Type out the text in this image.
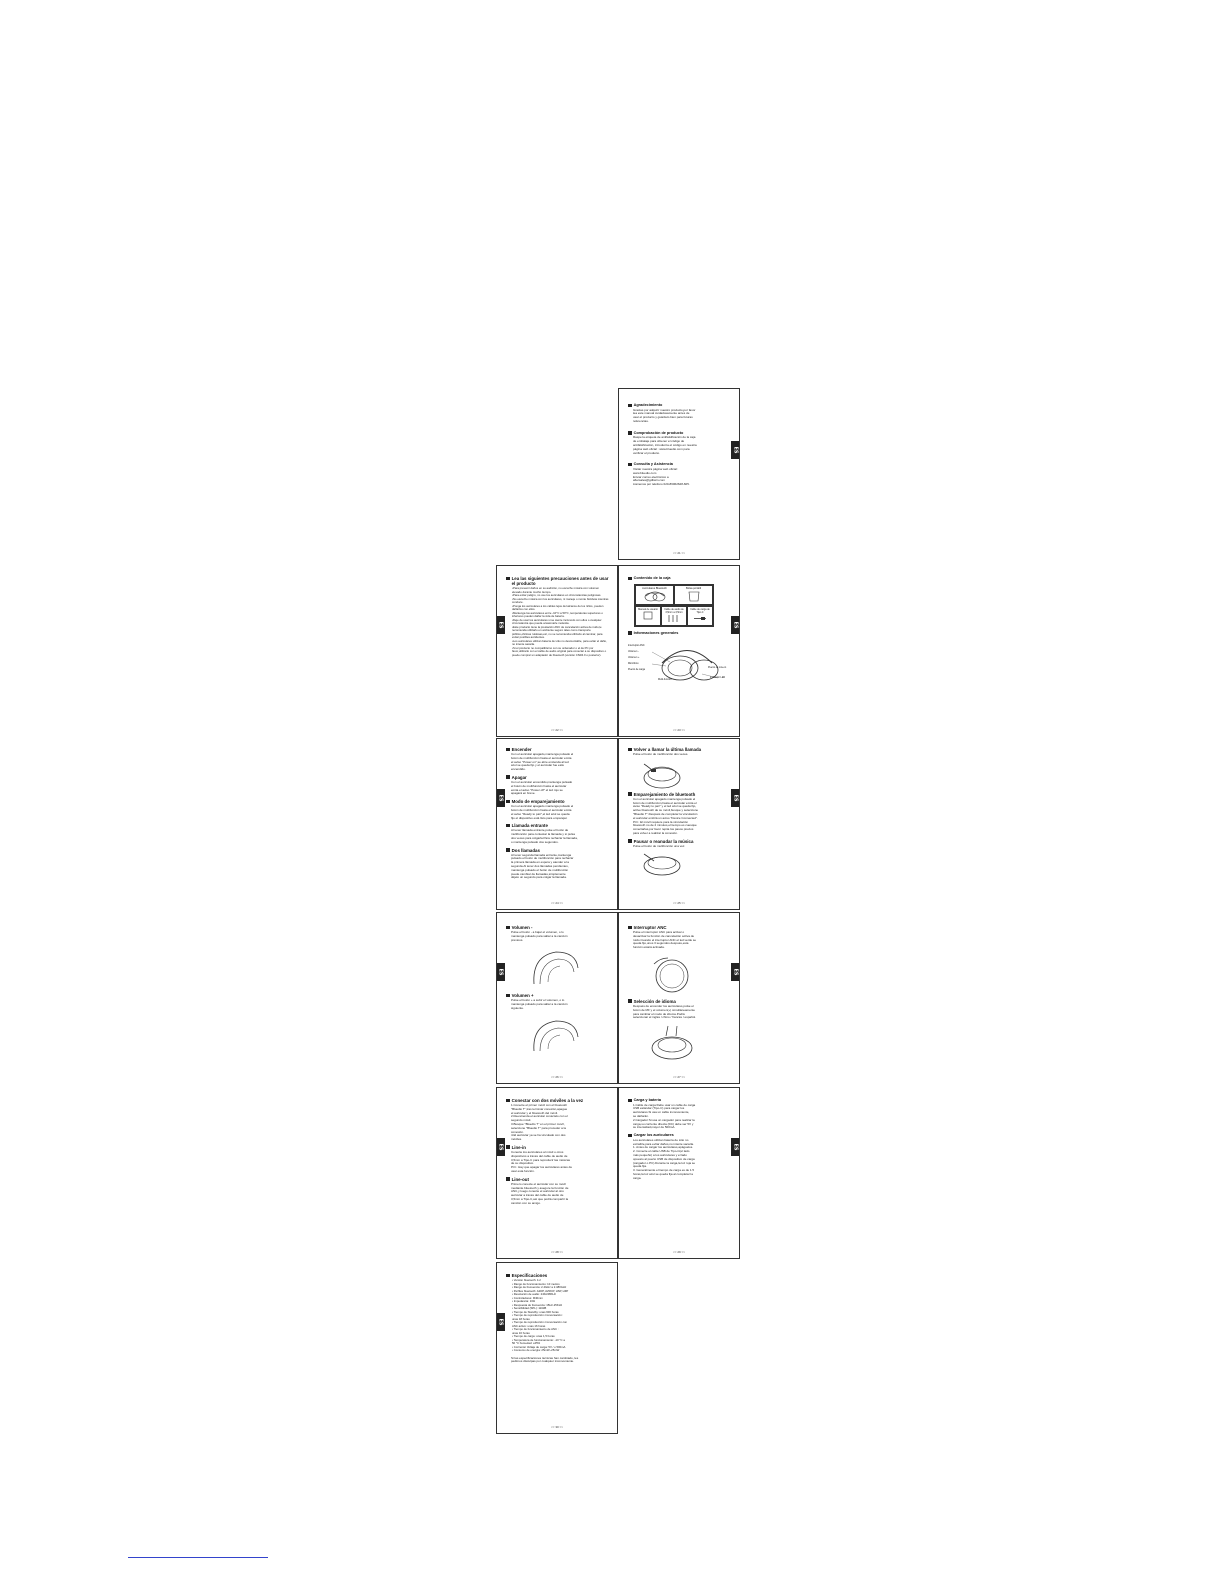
ES
Agradecimiento

Gracias por adquirir nuestro producto,por favor
lea este manual cuidadosamente antes de
usar el producto y guárdelo bien para futuras
referencias.

Comprobación de producto

Raspe la etiqueta de antifalsificación de la caja
de embalaje para obtener el código de
antifalsificación, introduzca el código en nuestra
página web oficial : www.bluedio.com para
verificar el producto.

Consulta y Asistencia

Visitar nuestra página web oficial:
www.bluedio.com
Enviar correo electrónico a
aftersales@gdbwin.com
Llamenos por teléfono 020-86062628-605.

<< 21 >>
ES
Lea las siguientes precauciones antes de usar el producto
•Para prevenir daños en su audición, no escuche música con volumen elevado durante mucho tiempo.
•Para evitar peligro, no use los auriculares en circunstancias peligrosas.
•No escuche música con los auriculares, ni maneje o monte bicicleta mientras conduce.
•Ponga los auriculares a los cables lejos del alcance de los niños, pueden dañarlos con ellos.
•Mantenga los auriculares entre -10°C a 50°C, temperaturas superiores o inferiores pueden dañar la vida de batería.
•Deje de usar los auriculares si se siente incómodo con ellos o cualquier circunstancia que pueda ocasionarle molestia.
•Este producto tiene la prestación ANC de cancelación activa de ruido,le recomienda utilizarlo en ambiente seguro tales como transporte público,oficinas ruidosas,etc, no se recomienda utilizarlo al caminar, para evitar posibles accidentes.
•Los auriculares utilizan batería de Litio no desmontable, para evitar el daño, no intente sacarla.
•Si el producto no compatible/no con su ordenador o el de PC por favor,utilizarlo con el cable de audio original para conectar a su dispositivo o puede comprar un adaptador de bluetooth (versión CSR4.0 o posterior).
<< 22 >>
ES
Contenido de la caja
Auriculares Bluetooth	Bolsa portátil
Manual de usuario	Cable de audio de 3,5mm a 3,5mm
Cable de carga de Tipo-C
Informaciones generales
Interruptor ANC
Volumen -
Volumen +
Micrófono
Puerto de carga
Multi-función
Puerto de Line-in
Indicador LED
<< 23 >>
ES
Encender

Con el auricular apagado,mantenga pulsado el
botón de multifunción hasta el auricular emita
el aviso "Power on",se abre encienda al led
azul se queda fijo y el auricular fue está
encendido.

Apagar

Con el auricular encendido,mantenga pulsado
el botón de multifunción hasta el auricular
emita el aviso "Power off" el led rojo se
apagará en breve.

Modo de emparejamiento

Con el auricular apagado mantenga pulsado el
botón de multifunción hasta el auricular emita
el aviso "Ready to pair",el led azul se queda
fijo el dispositivo está listo para emparejar.

Llamada entrante

Al tener llamada entrante,pulse el botón de
multifunción para contestar la llamada y si pulsa
dos veces para colgarla.Para rechazar la llamada,
o mantenga pulsado dos segundos.

Dos llamadas

Al tener segunda llamada entrante,mantenga
pulsado el botón de multifunción para rechazar
la primera llamada en espera y atender a la
segunda.Al tener dos llamadas pendientes,
mantenga pulsado el botón de multifunción
puede cambiar de llamadas,simplemente
déjelo un segundo para colgar la llamada.

<< 24 >>
ES
Volver a llamar la última llamada

Pulse el botón de multifunción dos veces.

Emparejamiento de bluetooth

Con el auricular apagado mantenga pulsado el
botón de multifunción,hasta el auricular emita el
aviso "Ready to pair" y el led azul se queda fijo,
active bluetooth de su móvil,busque y seleccione
"Bluedio T".Después de completar la vinculación
el auricular emitirá un aviso "Device Connected".
P.D.: El móvil requiere para la vinculación
bluetooth no de 2 minutos,el tiempo es cuesque
conectarlas,por favor repita los pasos previos
para volver a realizar la conexión.

Pausar o reanudar la música

Pulse el botón de multifunción una vez.

<< 25 >>
ES
Volumen -

Pulse el botón - a bajar el volumen, o lo
mantenga pulsado para saltar a la canción
previous.

Volumen +

Pulse el botón + a subir el volumen, o lo
mantenga pulsado para saltar a la canción
siguiente.

<< 26 >>
ES
Interruptor ANC

Pulse el interruptor ANC para activar o
desactivar la función de cancelación activa de
ruido.Cuando el interruptor ANC el led verde se
queda fijo,unos 3 segundos después,esta
función estará activada.

Selección de idioma

Después de encender los auriculares,pulse el
botón de MF y el volumen(+) simultáneamente
para cambiar el modo de idioma.Podrá
seleccionar el inglés / chino / francés / español.

<< 27 >>
ES
Conectar con dos móviles a la vez

1.Conecte el primer móvil con el bluetooth
"Bluedio T",tras terminar conexión,apague
el auricular y el bluetooth del móvil.
2.Reencienda el auricular conéctelo con el
segundo móvil.
3.Busque "Bluedio T" en el primer móvil,
seleccione "Bluedio T" para proceder a la
conexión.
4.El auricular ya se ha vinculado con dos
móviles.

Line-in

Conecte los auriculares al móvil u otros
dispositivos a través del cable de audio de
3,5mm a Tipo-C para reproducir las músicas
de su dispositivo.
P.D.: Hay que apagar los auriculares antes de
usar esta función.

Line-out

Primero conecte el auricular con su móvil
mediante bluetooth y asegure la función de
ANC,y luego conecte el auricular al otro
auricular a través del cable de audio de
3,5mm a Tipo-C,así que podrá compartir la
canción con su amigo.

<< 28 >>
ES
Carga y batería

1.Cable de carga:Debe usar un cable de carga
USB estándar (Tipo-C) para cargar los
auriculares.Si usa un cable inconveniente,
se dañarán.
2.Cargador:Si usa un cargador para realizar la
carga,su corriente directa (DC) debe ser 5V y
su intensidad,mayor de 500mA.

Cargar los auriculares

Los auriculares utilizan batería de Litio no
extraíble,para evitar daños,no intente sacarla.
1. Antes de cargar los auriculares,apáguelos.
2. Conecte el cable USB de Tipo-C(el lado
más pequeño) a los auriculares y el lado
opuesto al puerto USB de dispositivo de carga
(cargador o PC).Durante la carga,la luz roja se
queda fija.
3. Generalmente el tiempo de carga es de 1.5
horas,la luz azul se queda fija al completar la
carga.

<< 29 >>
ES
Especificaciones
• Versión bluetooth: 4.2
• Rango de funcionamiento: 10 metros
• Rango de frecuencia: 2.4GHz a 2.480GHz
• Perfiles bluetooth: A2DP, AVRCP, HSP, HFP
• Resolución de audio: 24bit/48KHz
• Controladores: Φ40mm
• Impedancia: 16Ω
• Respuesta de frecuencia: 15Hz-25KHz
• Sensibilidad (SPL): 110dB
• Tiempo de Standby: unas 600 horas
• Tiempo de reproducción /conversación:
unas 18 horas
• Tiempo de reproducción /conversación con
ANC activo: unas 16 horas
• Tiempo de funcionamiento de ANC :
unas 16 horas
• Tiempo de carga: unas 1,5 horas
• Temperatura de funcionamiento: -10 °C a
50 °C humedad: ≤45%
• Corriente/ Voltaje de carga: 5V / ≥ 500mA
• Consumo de energía: 25mW~25mW

Si las especificaciones técnicas han cambiado, les
pedimos disculpas por cualquier inconveniente.

<< 30 >>
